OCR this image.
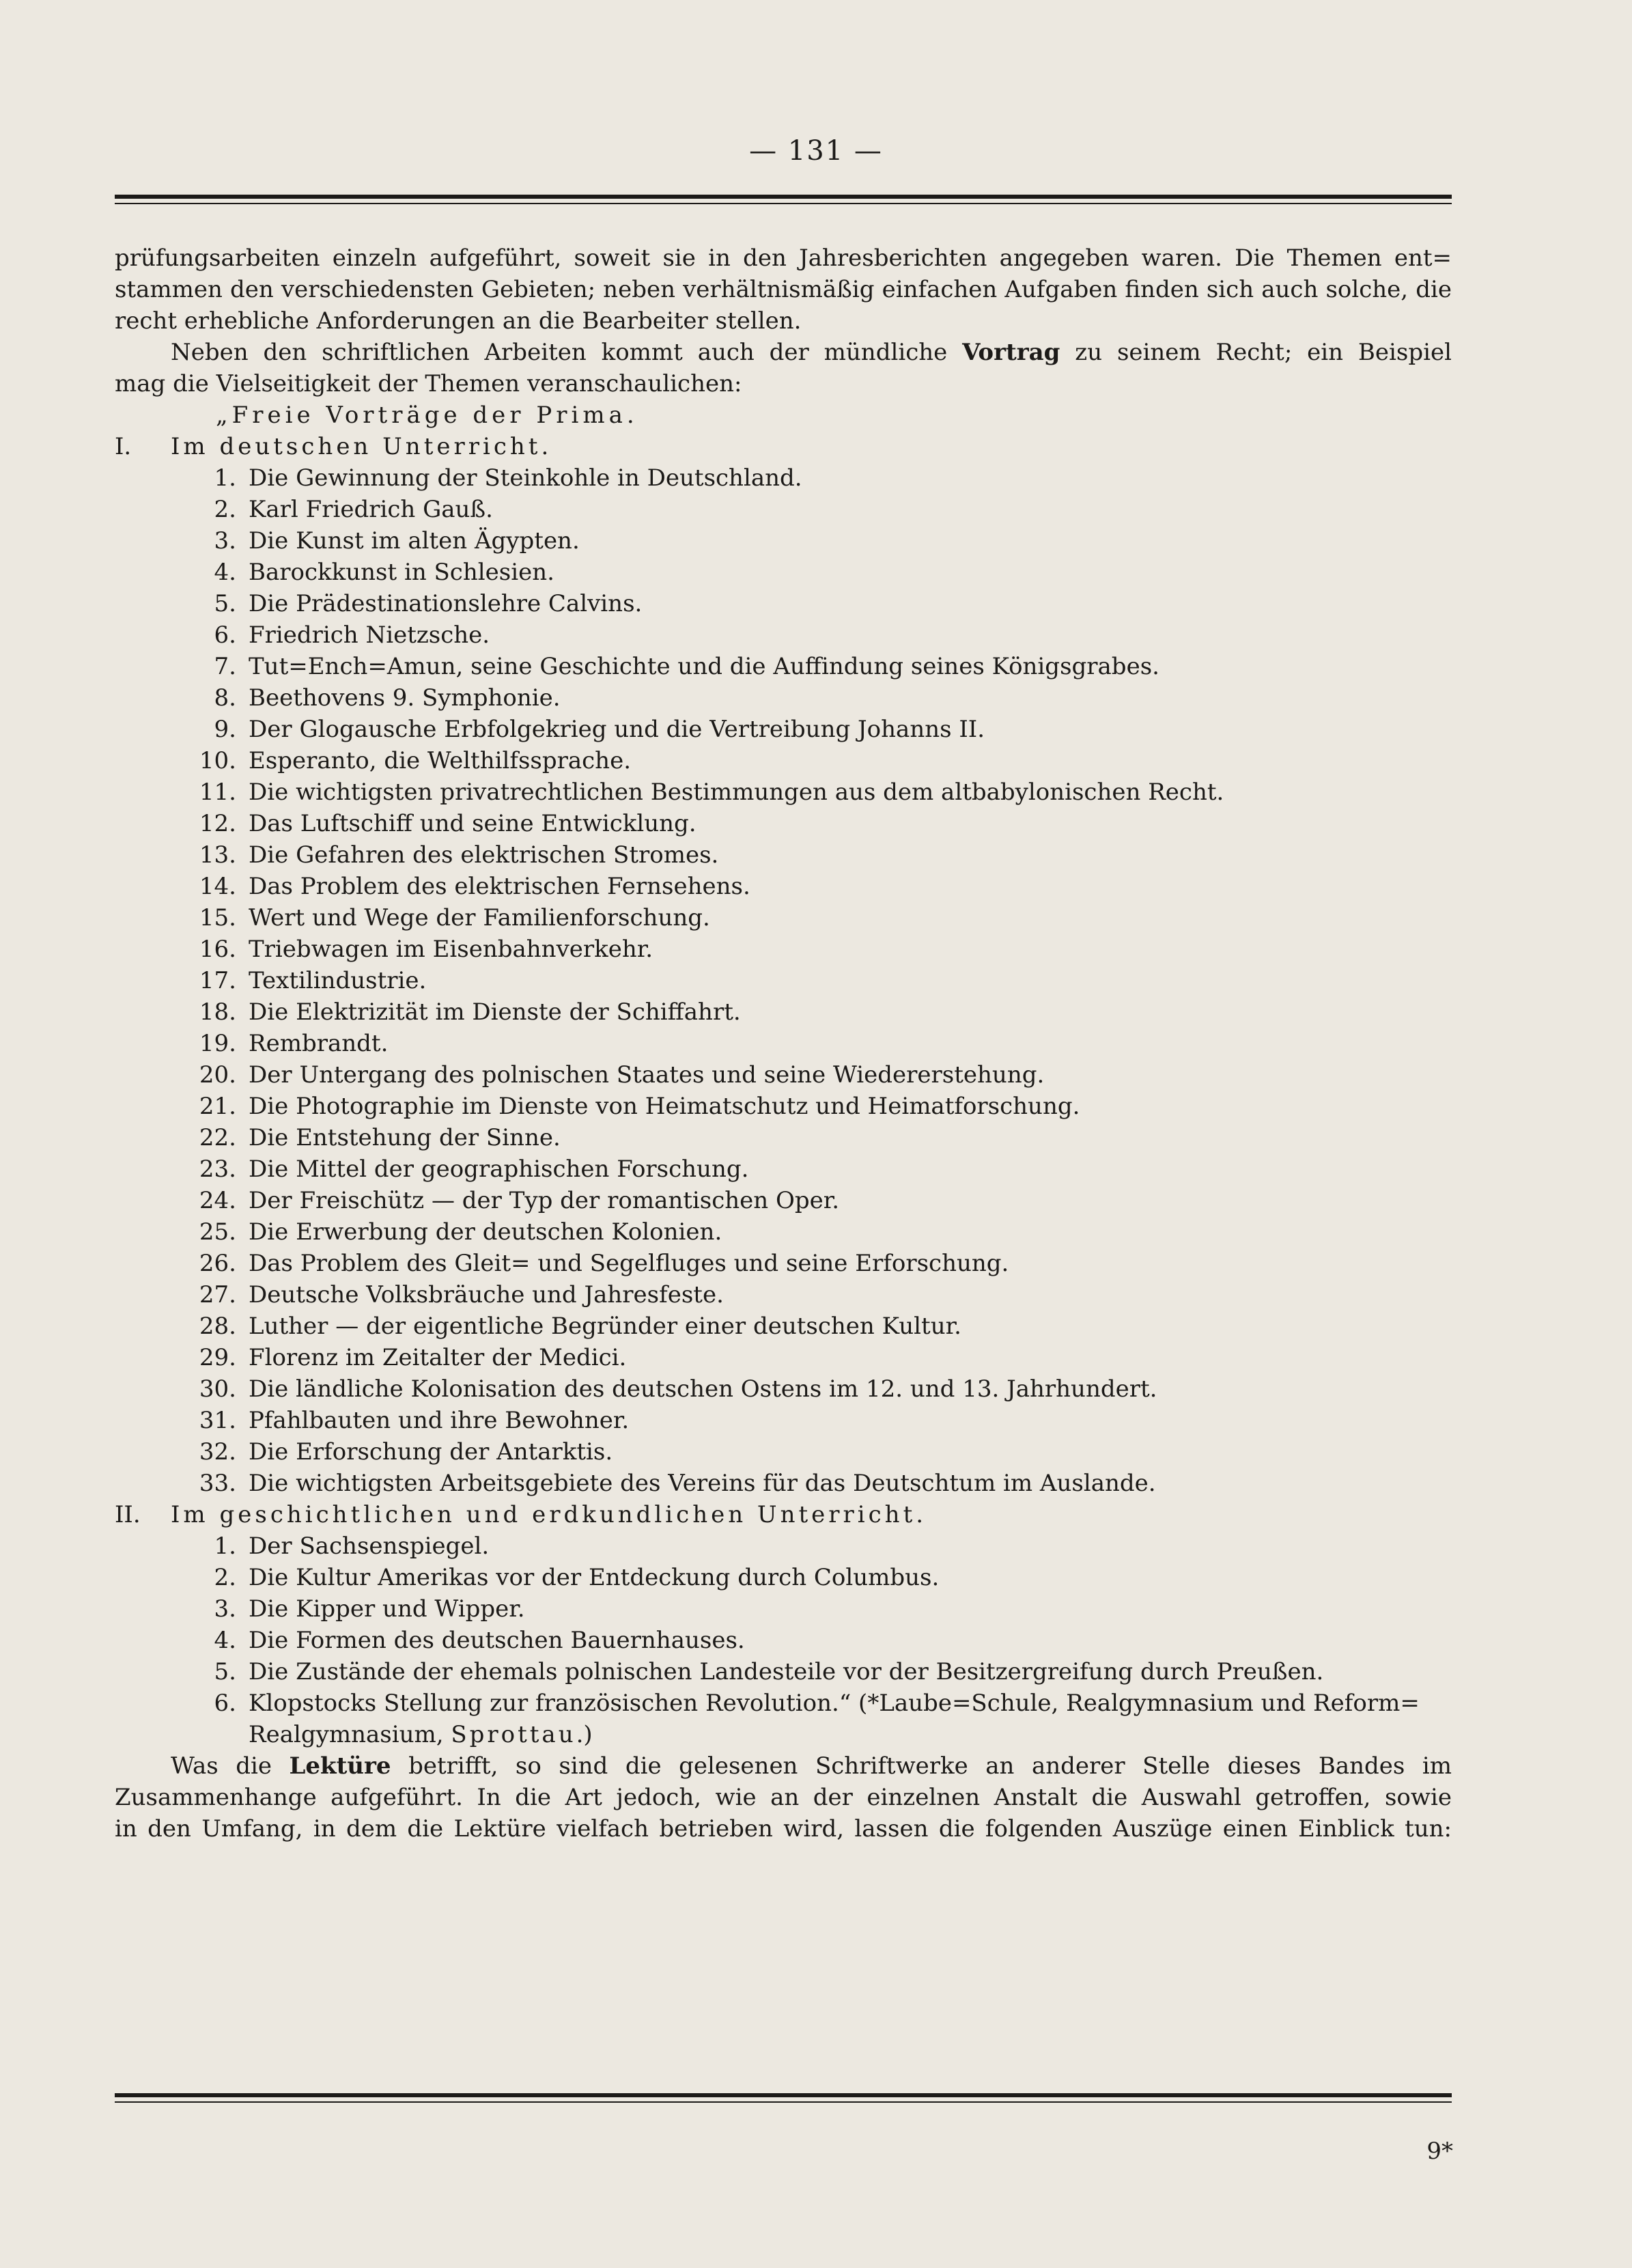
— 131 —
prüfungsarbeiten einzeln aufgeführt, soweit sie in den Jahresberichten angegeben waren. Die Themen ent=
stammen den verschiedensten Gebieten; neben verhältnismäßig einfachen Aufgaben finden sich auch solche, die
recht erhebliche Anforderungen an die Bearbeiter stellen.
Neben den schriftlichen Arbeiten kommt auch der mündliche Vortrag zu seinem Recht; ein Beispiel
mag die Vielseitigkeit der Themen veranschaulichen:
„Freie Vorträge der Prima.
I. Im deutschen Unterricht.
1. Die Gewinnung der Steinkohle in Deutschland.
2. Karl Friedrich Gauß.
3. Die Kunst im alten Ägypten.
4. Barockkunst in Schlesien.
5. Die Prädestinationslehre Calvins.
6. Friedrich Nietzsche.
7. Tut=Ench=Amun, seine Geschichte und die Auffindung seines Königsgrabes.
8. Beethovens 9. Symphonie.
9. Der Glogausche Erbfolgekrieg und die Vertreibung Johanns II.
10. Esperanto, die Welthilfssprache.
11. Die wichtigsten privatrechtlichen Bestimmungen aus dem altbabylonischen Recht.
12. Das Luftschiff und seine Entwicklung.
13. Die Gefahren des elektrischen Stromes.
14. Das Problem des elektrischen Fernsehens.
15. Wert und Wege der Familienforschung.
16. Triebwagen im Eisenbahnverkehr.
17. Textilindustrie.
18. Die Elektrizität im Dienste der Schiffahrt.
19. Rembrandt.
20. Der Untergang des polnischen Staates und seine Wiedererstehung.
21. Die Photographie im Dienste von Heimatschutz und Heimatforschung.
22. Die Entstehung der Sinne.
23. Die Mittel der geographischen Forschung.
24. Der Freischütz — der Typ der romantischen Oper.
25. Die Erwerbung der deutschen Kolonien.
26. Das Problem des Gleit= und Segelfluges und seine Erforschung.
27. Deutsche Volksbräuche und Jahresfeste.
28. Luther — der eigentliche Begründer einer deutschen Kultur.
29. Florenz im Zeitalter der Medici.
30. Die ländliche Kolonisation des deutschen Ostens im 12. und 13. Jahrhundert.
31. Pfahlbauten und ihre Bewohner.
32. Die Erforschung der Antarktis.
33. Die wichtigsten Arbeitsgebiete des Vereins für das Deutschtum im Auslande.
II. Im geschichtlichen und erdkundlichen Unterricht.
1. Der Sachsenspiegel.
2. Die Kultur Amerikas vor der Entdeckung durch Columbus.
3. Die Kipper und Wipper.
4. Die Formen des deutschen Bauernhauses.
5. Die Zustände der ehemals polnischen Landesteile vor der Besitzergreifung durch Preußen.
6. Klopstocks Stellung zur französischen Revolution.“ (*Laube=Schule, Realgymnasium und Reform=
Realgymnasium, Sprottau.)
Was die Lektüre betrifft, so sind die gelesenen Schriftwerke an anderer Stelle dieses Bandes im
Zusammenhange aufgeführt. In die Art jedoch, wie an der einzelnen Anstalt die Auswahl getroffen, sowie
in den Umfang, in dem die Lektüre vielfach betrieben wird, lassen die folgenden Auszüge einen Einblick tun:
9*
